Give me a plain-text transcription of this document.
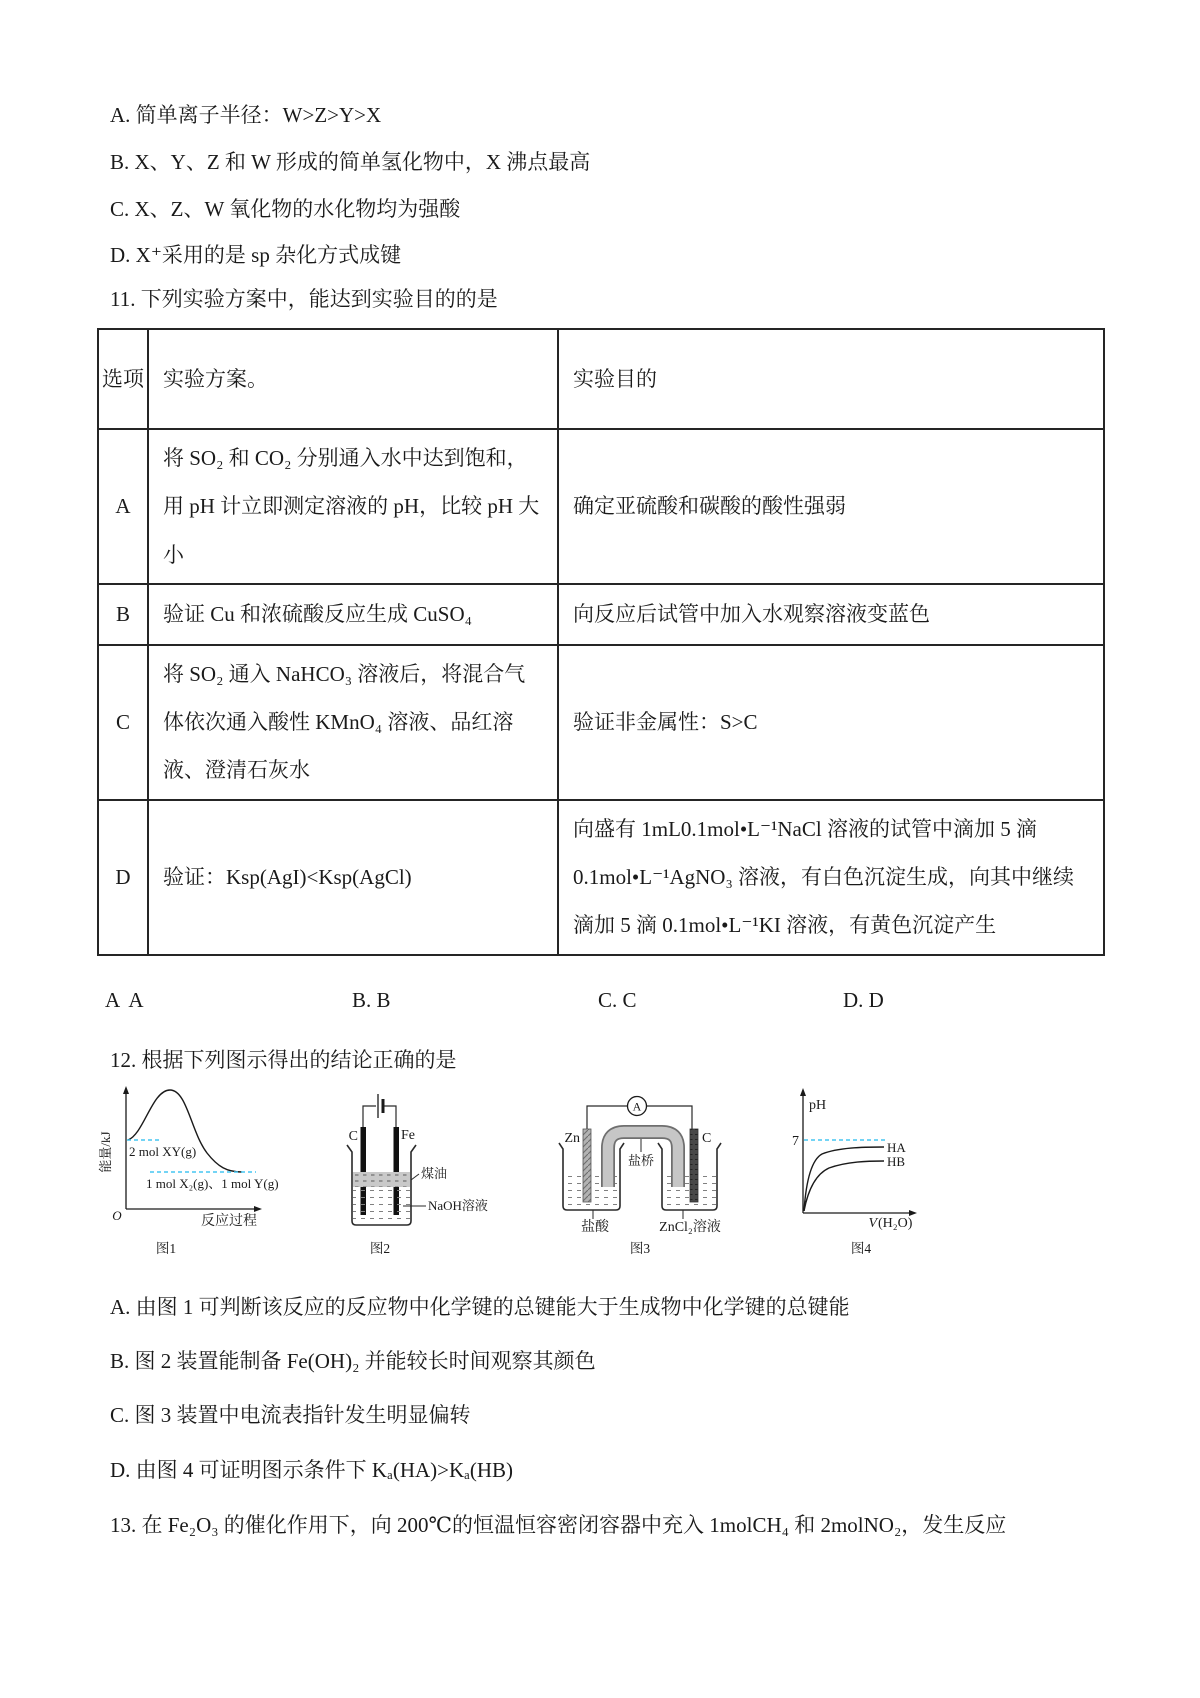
A. 简单离子半径：W>Z>Y>X
B. X、Y、Z 和 W 形成的简单氢化物中，X 沸点最高
C. X、Z、W 氧化物的水化物均为强酸
D. X⁺采用的是 sp 杂化方式成键
11. 下列实验方案中，能达到实验目的的是
选项	实验方案。	实验目的
A	将 SO₂ 和 CO₂ 分别通入水中达到饱和，用 pH 计立即测定溶液的 pH，比较 pH 大小	确定亚硫酸和碳酸的酸性强弱
B	验证 Cu 和浓硫酸反应生成 CuSO₄	向反应后试管中加入水观察溶液变蓝色
C	将 SO₂ 通入 NaHCO₃ 溶液后，将混合气体依次通入酸性 KMnO₄ 溶液、品红溶液、澄清石灰水	验证非金属性：S>C
D	验证：Ksp(AgI)<Ksp(AgCl)	向盛有 1mL0.1mol•L⁻¹NaCl 溶液的试管中滴加 5 滴 0.1mol•L⁻¹AgNO₃ 溶液，有白色沉淀生成，向其中继续滴加 5 滴 0.1mol•L⁻¹KI 溶液，有黄色沉淀产生
A  A	B. B	C. C	D. D
12. 根据下列图示得出的结论正确的是
能量/kJ 2 mol XY(g)
1 mol X₂(g)、1 mol Y(g)
O	反应过程
图1
C	Fe
煤油
NaOH溶液
图2
A
Zn	C
盐桥
盐酸	ZnCl₂溶液
图3
pH
7	HA
HB
V (H₂O)
图4
A. 由图 1 可判断该反应的反应物中化学键的总键能大于生成物中化学键的总键能
B. 图 2 装置能制备 Fe(OH)₂ 并能较长时间观察其颜色
C. 图 3 装置中电流表指针发生明显偏转
D. 由图 4 可证明图示条件下 Kₐ(HA)>Kₐ(HB)
13. 在 Fe₂O₃ 的催化作用下，向 200℃的恒温恒容密闭容器中充入 1molCH₄ 和 2molNO₂，发生反应
